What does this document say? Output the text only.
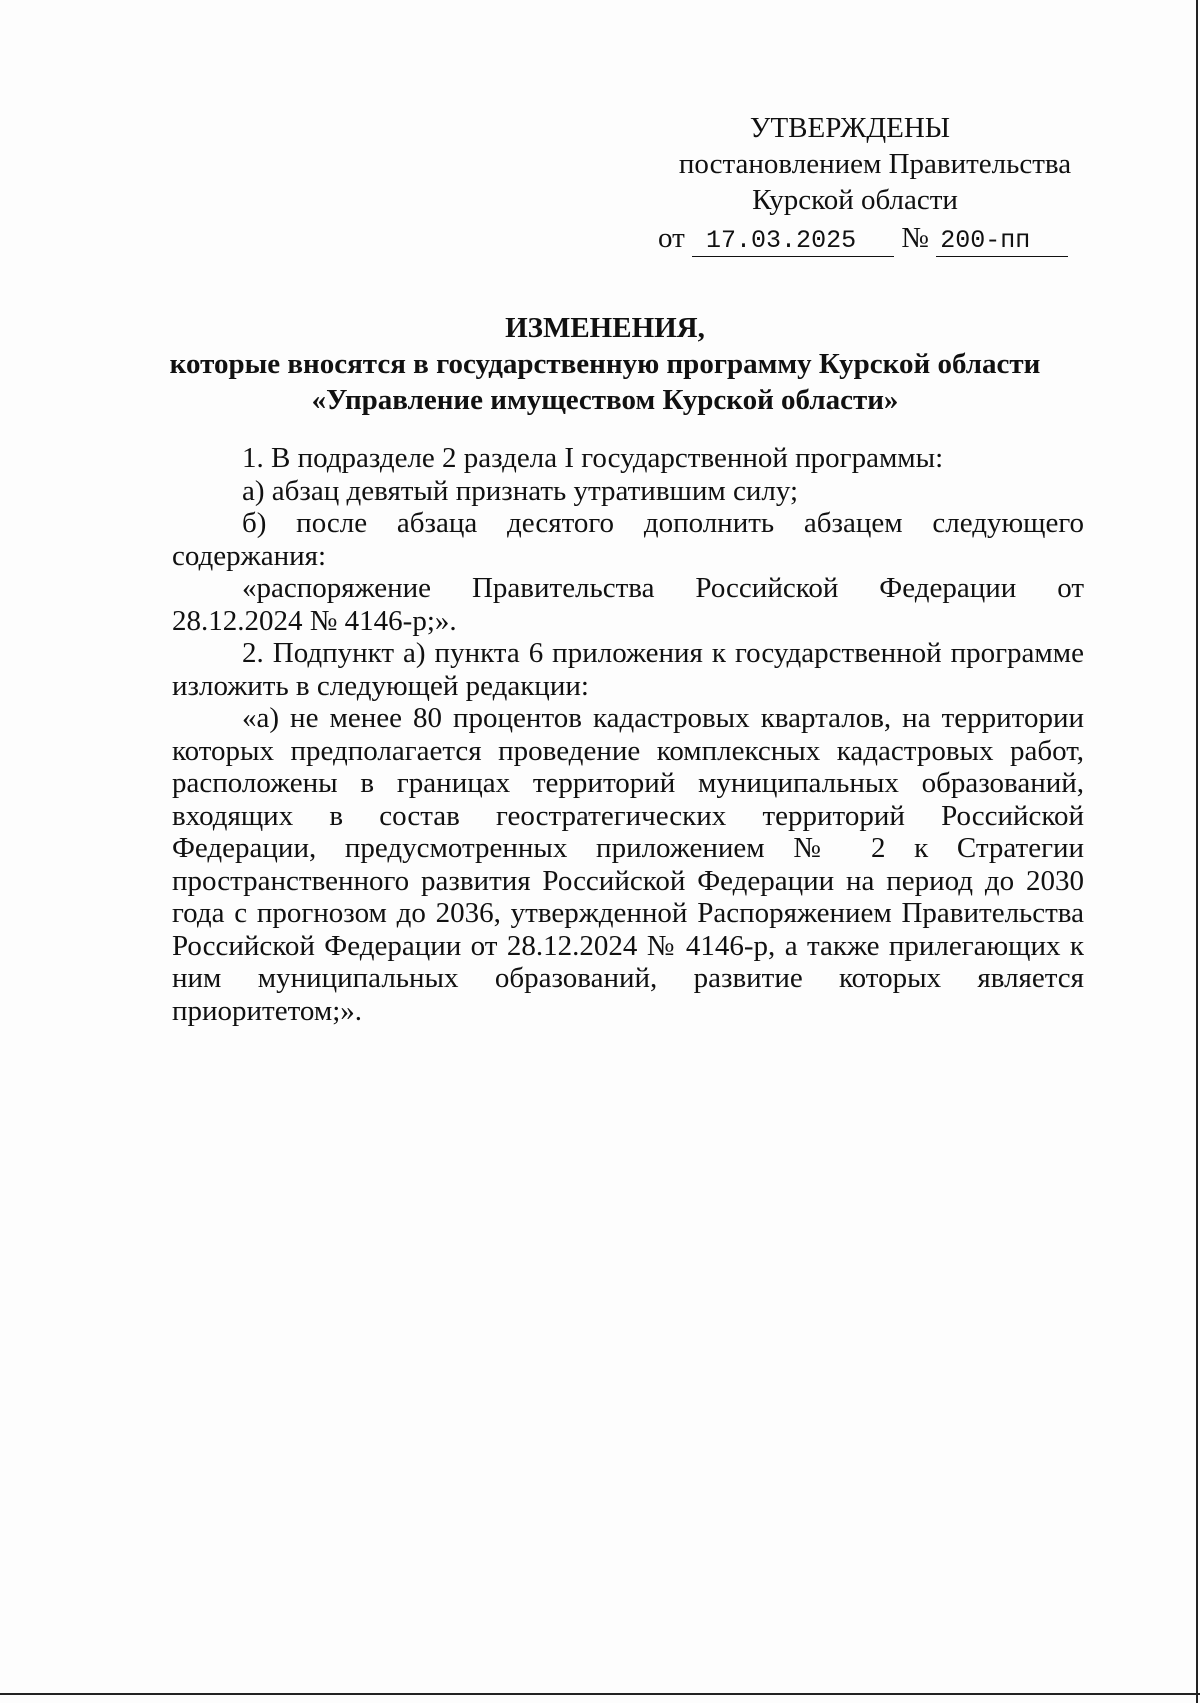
УТВЕРЖДЕНЫ
постановлением Правительства
Курской области
от 17.03.2025 № 200-пп
ИЗМЕНЕНИЯ,
которые вносятся в государственную программу Курской области
«Управление имуществом Курской области»

1. В подразделе 2 раздела I государственной программы:

а) абзац девятый признать утратившим силу;

б) после абзаца десятого дополнить абзацем следующего содержания:

«распоряжение Правительства Российской Федерации от 28.12.2024 № 4146-р;».

2. Подпункт а) пункта 6 приложения к государственной программе изложить в следующей редакции:

«а) не менее 80 процентов кадастровых кварталов, на территории которых предполагается проведение комплексных кадастровых работ, расположены в границах территорий муниципальных образований, входящих в состав геостратегических территорий Российской Федерации, предусмотренных приложением № 2 к Стратегии пространственного развития Российской Федерации на период до 2030 года с прогнозом до 2036, утвержденной Распоряжением Правительства Российской Федерации от 28.12.2024 № 4146-р, а также прилегающих к ним муниципальных образований, развитие которых является приоритетом;».
